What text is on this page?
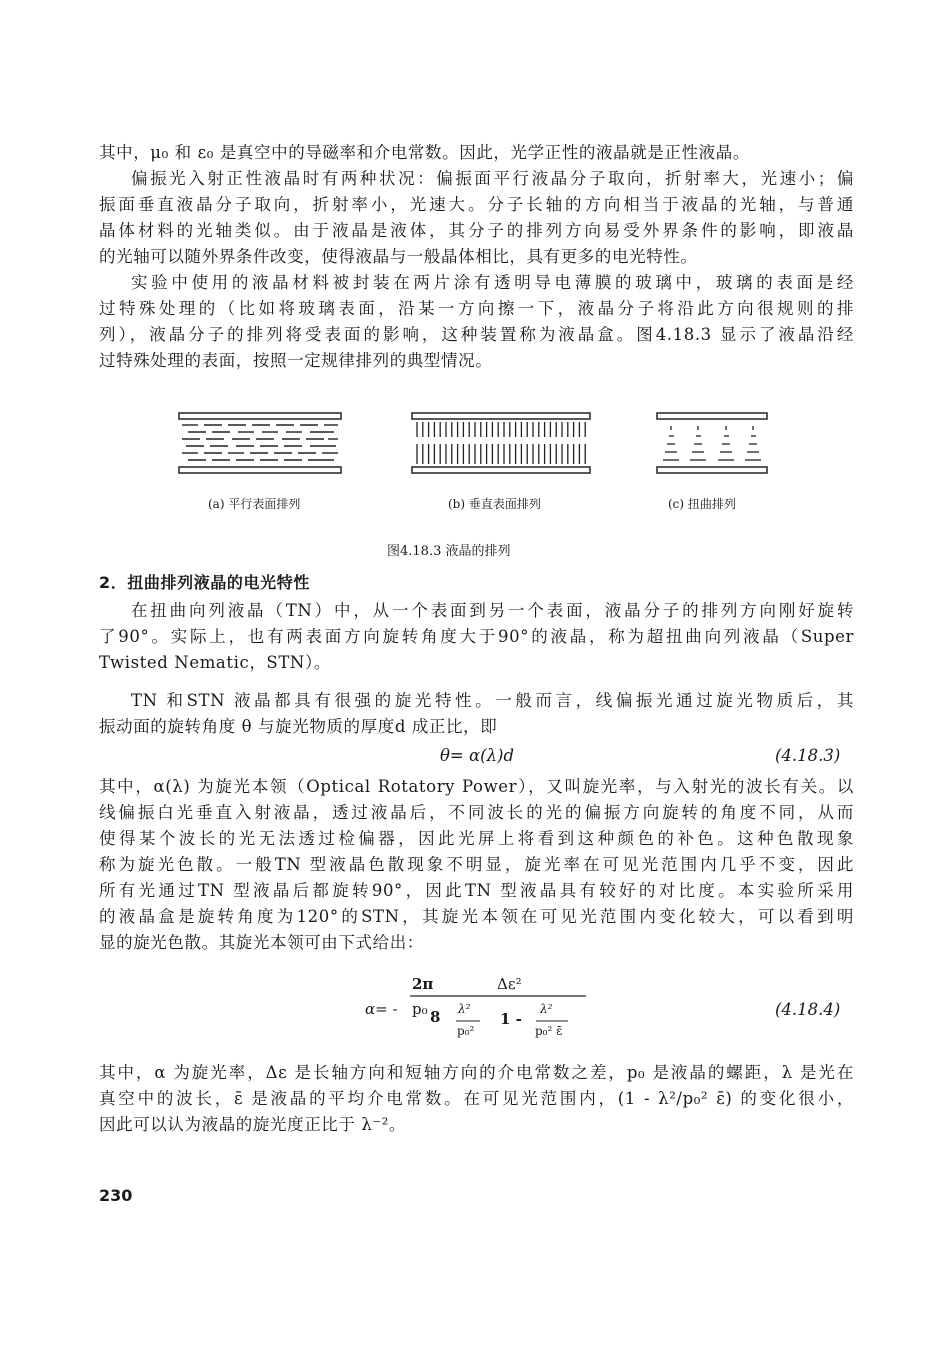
其中，μ₀ 和 ε₀ 是真空中的导磁率和介电常数。因此，光学正性的液晶就是正性液晶。
偏振光入射正性液晶时有两种状况：偏振面平行液晶分子取向，折射率大，光速小；偏
振面垂直液晶分子取向，折射率小，光速大。分子长轴的方向相当于液晶的光轴，与普通
晶体材料的光轴类似。由于液晶是液体，其分子的排列方向易受外界条件的影响，即液晶
的光轴可以随外界条件改变，使得液晶与一般晶体相比，具有更多的电光特性。
实验中使用的液晶材料被封装在两片涂有透明导电薄膜的玻璃中，玻璃的表面是经
过特殊处理的（比如将玻璃表面，沿某一方向擦一下，液晶分子将沿此方向很规则的排
列），液晶分子的排列将受表面的影响，这种装置称为液晶盒。图4.18.3 显示了液晶沿经
过特殊处理的表面，按照一定规律排列的典型情况。
(a) 平行表面排列	(b) 垂直表面排列	(c) 扭曲排列
图4.18.3 液晶的排列
2．扭曲排列液晶的电光特性
在扭曲向列液晶（TN）中，从一个表面到另一个表面，液晶分子的排列方向刚好旋转
了90°。实际上，也有两表面方向旋转角度大于90°的液晶，称为超扭曲向列液晶（Super
Twisted Nematic，STN）。
TN 和STN 液晶都具有很强的旋光特性。一般而言，线偏振光通过旋光物质后，其
振动面的旋转角度 θ 与旋光物质的厚度d 成正比，即
θ= α(λ)d	(4.18.3)
其中，α(λ) 为旋光本领（Optical Rotatory Power），又叫旋光率，与入射光的波长有关。以
线偏振白光垂直入射液晶，透过液晶后，不同波长的光的偏振方向旋转的角度不同，从而
使得某个波长的光无法透过检偏器，因此光屏上将看到这种颜色的补色。这种色散现象
称为旋光色散。一般TN 型液晶色散现象不明显，旋光率在可见光范围内几乎不变，因此
所有光通过TN 型液晶后都旋转90°，因此TN 型液晶具有较好的对比度。本实验所采用
的液晶盒是旋转角度为120°的STN，其旋光本领在可见光范围内变化较大，可以看到明
显的旋光色散。其旋光本领可由下式给出：
α= -
2π	Δε²
p₀ 8 λ²
p₀²
1 -
λ²
p₀² ε̄
(4.18.4)
其中，α 为旋光率，Δε 是长轴方向和短轴方向的介电常数之差，p₀ 是液晶的螺距，λ 是光在
真空中的波长，ε̄ 是液晶的平均介电常数。在可见光范围内，(1 - λ²/p₀² ε̄) 的变化很小，
因此可以认为液晶的旋光度正比于 λ⁻²。
230
